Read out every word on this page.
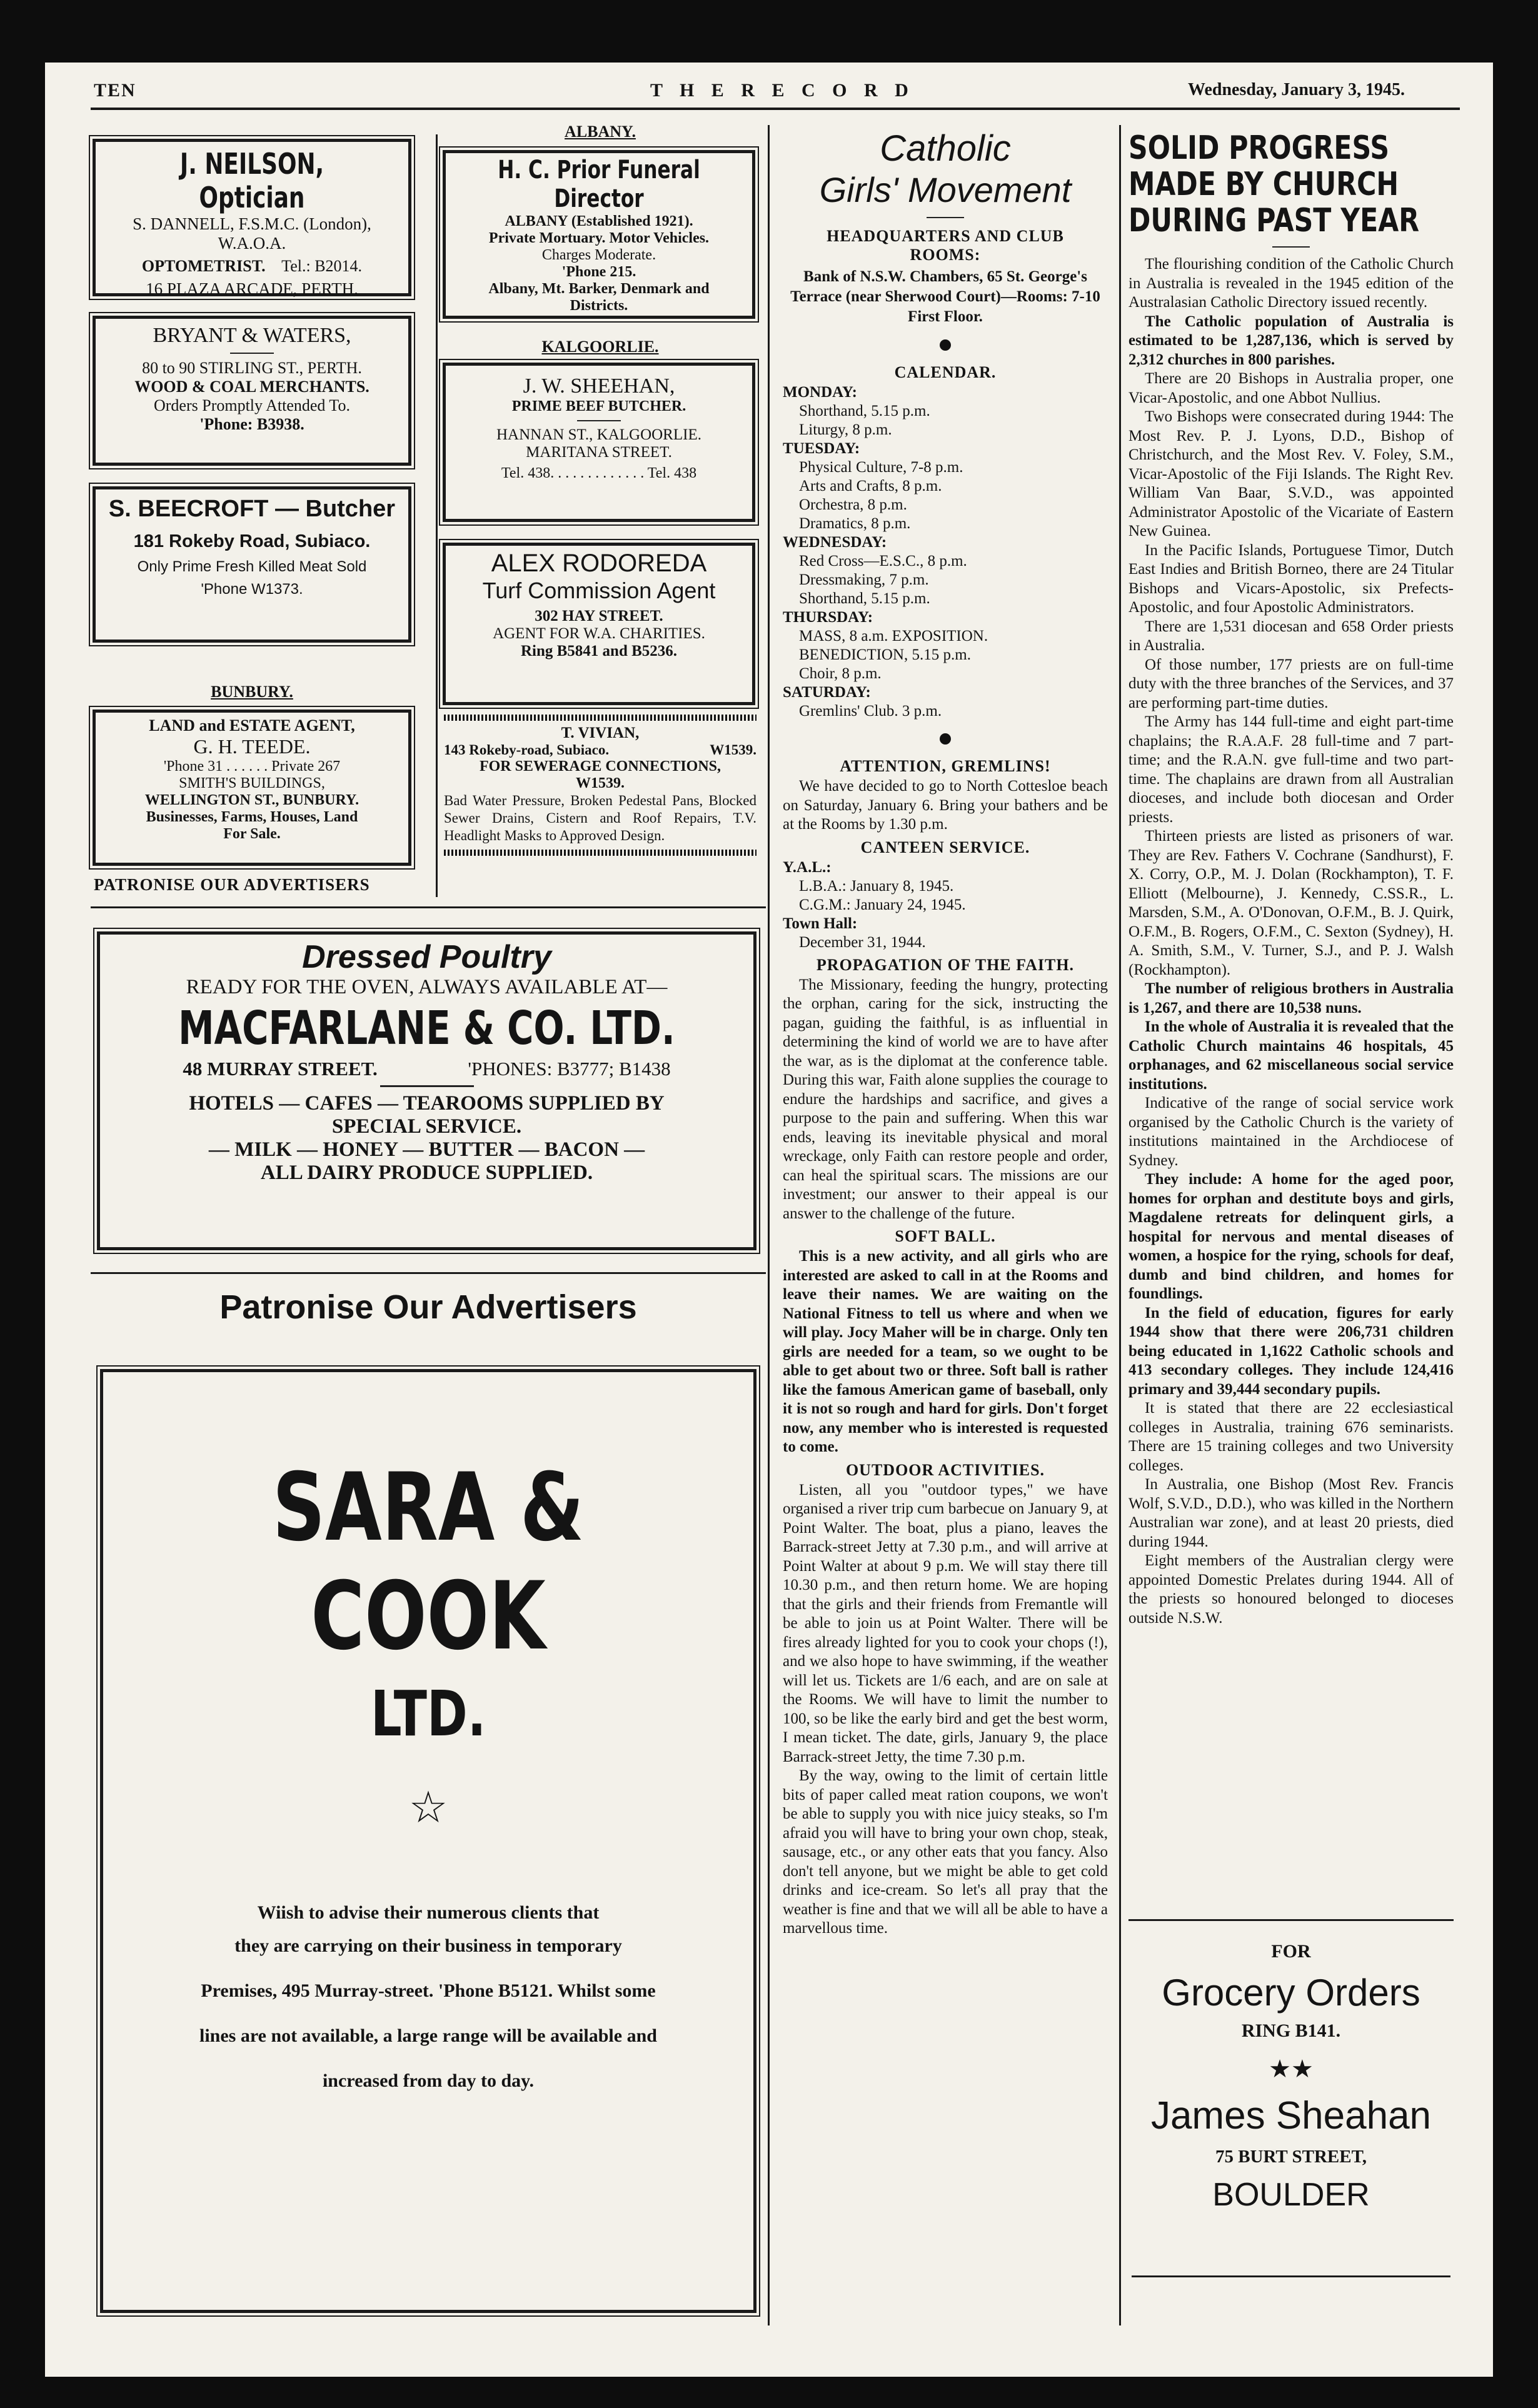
TEN	T H E R E C O R D	Wednesday, January 3, 1945.
J. NEILSON, Optician
S. DANNELL, F.S.M.C. (London),
W.A.O.A.
OPTOMETRIST. Tel.: B2014.
16 PLAZA ARCADE, PERTH.
BRYANT & WATERS,
80 to 90 STIRLING ST., PERTH.
WOOD & COAL MERCHANTS.
Orders Promptly Attended To.
'Phone: B3938.
S. BEECROFT — Butcher
181 Rokeby Road, Subiaco.
Only Prime Fresh Killed Meat Sold
'Phone W1373.
BUNBURY.
LAND and ESTATE AGENT,
G. H. TEEDE.
'Phone 31 . . . . . . Private 267
SMITH'S BUILDINGS,
WELLINGTON ST., BUNBURY.
Businesses, Farms, Houses, Land
For Sale.
PATRONISE OUR ADVERTISERS
ALBANY.
H. C. Prior Funeral Director
ALBANY (Established 1921).
Private Mortuary. Motor Vehicles.
Charges Moderate.
'Phone 215.
Albany, Mt. Barker, Denmark and
Districts.
KALGOORLIE.
J. W. SHEEHAN,
PRIME BEEF BUTCHER.
HANNAN ST., KALGOORLIE.
MARITANA STREET.
Tel. 438. . . . . . . . . . . . . Tel. 438
ALEX RODOREDA
Turf Commission Agent
302 HAY STREET.
AGENT FOR W.A. CHARITIES.
Ring B5841 and B5236.
T. VIVIAN,
143 Rokeby-road, Subiaco.	W1539.
FOR SEWERAGE CONNECTIONS,
W1539.
Bad Water Pressure, Broken Pedestal Pans, Blocked Sewer Drains, Cistern and Roof Repairs, T.V. Headlight Masks to Approved Design.
Dressed Poultry
READY FOR THE OVEN, ALWAYS AVAILABLE AT—
MACFARLANE & CO. LTD.
48 MURRAY STREET.	'PHONES: B3777; B1438
HOTELS — CAFES — TEAROOMS SUPPLIED BY
SPECIAL SERVICE.
— MILK — HONEY — BUTTER — BACON —
ALL DAIRY PRODUCE SUPPLIED.
Patronise Our Advertisers
SARA & COOK LTD.
☆
Wiish to advise their numerous clients that
they are carrying on their business in temporary Premises, 495 Murray-street. 'Phone B5121. Whilst some lines are not available, a large range will be available and increased from day to day.
Catholic
Girls' Movement
HEADQUARTERS AND CLUB ROOMS:
Bank of N.S.W. Chambers, 65 St. George's Terrace (near Sherwood Court)—Rooms: 7-10 First Floor.
CALENDAR.
MONDAY:
Shorthand, 5.15 p.m.
Liturgy, 8 p.m.
TUESDAY:
Physical Culture, 7-8 p.m.
Arts and Crafts, 8 p.m.
Orchestra, 8 p.m.
Dramatics, 8 p.m.
WEDNESDAY:
Red Cross—E.S.C., 8 p.m.
Dressmaking, 7 p.m.
Shorthand, 5.15 p.m.
THURSDAY:
MASS, 8 a.m. EXPOSITION.
BENEDICTION, 5.15 p.m.
Choir, 8 p.m.
SATURDAY:
Gremlins' Club. 3 p.m.
ATTENTION, GREMLINS!

We have decided to go to North Cottesloe beach on Saturday, January 6. Bring your bathers and be at the Rooms by 1.30 p.m.

CANTEEN SERVICE.
Y.A.L.:
L.B.A.: January 8, 1945.
C.G.M.: January 24, 1945.
Town Hall:
December 31, 1944.
PROPAGATION OF THE FAITH.

The Missionary, feeding the hungry, protecting the orphan, caring for the sick, instructing the pagan, guiding the faithful, is as influential in determining the kind of world we are to have after the war, as is the diplomat at the conference table. During this war, Faith alone supplies the courage to endure the hardships and sacrifice, and gives a purpose to the pain and suffering. When this war ends, leaving its inevitable physical and moral wreckage, only Faith can restore people and order, can heal the spiritual scars. The missions are our investment; our answer to their appeal is our answer to the challenge of the future.

SOFT BALL.

This is a new activity, and all girls who are interested are asked to call in at the Rooms and leave their names. We are waiting on the National Fitness to tell us where and when we will play. Jocy Maher will be in charge. Only ten girls are needed for a team, so we ought to be able to get about two or three. Soft ball is rather like the famous American game of baseball, only it is not so rough and hard for girls. Don't forget now, any member who is interested is requested to come.

OUTDOOR ACTIVITIES.

Listen, all you "outdoor types," we have organised a river trip cum barbecue on January 9, at Point Walter. The boat, plus a piano, leaves the Barrack-street Jetty at 7.30 p.m., and will arrive at Point Walter at about 9 p.m. We will stay there till 10.30 p.m., and then return home. We are hoping that the girls and their friends from Fremantle will be able to join us at Point Walter. There will be fires already lighted for you to cook your chops (!), and we also hope to have swimming, if the weather will let us. Tickets are 1/6 each, and are on sale at the Rooms. We will have to limit the number to 100, so be like the early bird and get the best worm, I mean ticket. The date, girls, January 9, the place Barrack-street Jetty, the time 7.30 p.m.

By the way, owing to the limit of certain little bits of paper called meat ration coupons, we won't be able to supply you with nice juicy steaks, so I'm afraid you will have to bring your own chop, steak, sausage, etc., or any other eats that you fancy. Also don't tell anyone, but we might be able to get cold drinks and ice-cream. So let's all pray that the weather is fine and that we will all be able to have a marvellous time.

SOLID PROGRESS MADE BY CHURCH DURING PAST YEAR

The flourishing condition of the Catholic Church in Australia is revealed in the 1945 edition of the Australasian Catholic Directory issued recently.

The Catholic population of Australia is estimated to be 1,287,136, which is served by 2,312 churches in 800 parishes.

There are 20 Bishops in Australia proper, one Vicar-Apostolic, and one Abbot Nullius.

Two Bishops were consecrated during 1944: The Most Rev. P. J. Lyons, D.D., Bishop of Christchurch, and the Most Rev. V. Foley, S.M., Vicar-Apostolic of the Fiji Islands. The Right Rev. William Van Baar, S.V.D., was appointed Administrator Apostolic of the Vicariate of Eastern New Guinea.

In the Pacific Islands, Portuguese Timor, Dutch East Indies and British Borneo, there are 24 Titular Bishops and Vicars-Apostolic, six Prefects-Apostolic, and four Apostolic Administrators.

There are 1,531 diocesan and 658 Order priests in Australia.

Of those number, 177 priests are on full-time duty with the three branches of the Services, and 37 are performing part-time duties.

The Army has 144 full-time and eight part-time chaplains; the R.A.A.F. 28 full-time and 7 part-time; and the R.A.N. gve full-time and two part-time. The chaplains are drawn from all Australian dioceses, and include both diocesan and Order priests.

Thirteen priests are listed as prisoners of war. They are Rev. Fathers V. Cochrane (Sandhurst), F. X. Corry, O.P., M. J. Dolan (Rockhampton), T. F. Elliott (Melbourne), J. Kennedy, C.SS.R., L. Marsden, S.M., A. O'Donovan, O.F.M., B. J. Quirk, O.F.M., B. Rogers, O.F.M., C. Sexton (Sydney), H. A. Smith, S.M., V. Turner, S.J., and P. J. Walsh (Rockhampton).

The number of religious brothers in Australia is 1,267, and there are 10,538 nuns.

In the whole of Australia it is revealed that the Catholic Church maintains 46 hospitals, 45 orphanages, and 62 miscellaneous social service institutions.

Indicative of the range of social service work organised by the Catholic Church is the variety of institutions maintained in the Archdiocese of Sydney.

They include: A home for the aged poor, homes for orphan and destitute boys and girls, Magdalene retreats for delinquent girls, a hospital for nervous and mental diseases of women, a hospice for the rying, schools for deaf, dumb and bind children, and homes for foundlings.

In the field of education, figures for early 1944 show that there were 206,731 children being educated in 1,1622 Catholic schools and 413 secondary colleges. They include 124,416 primary and 39,444 secondary pupils.

It is stated that there are 22 ecclesiastical colleges in Australia, training 676 seminarists. There are 15 training colleges and two University colleges.

In Australia, one Bishop (Most Rev. Francis Wolf, S.V.D., D.D.), who was killed in the Northern Australian war zone), and at least 20 priests, died during 1944.

Eight members of the Australian clergy were appointed Domestic Prelates during 1944. All of the priests so honoured belonged to dioceses outside N.S.W.

FOR
Grocery Orders
RING B141.
★★
James Sheahan
75 BURT STREET,
BOULDER
